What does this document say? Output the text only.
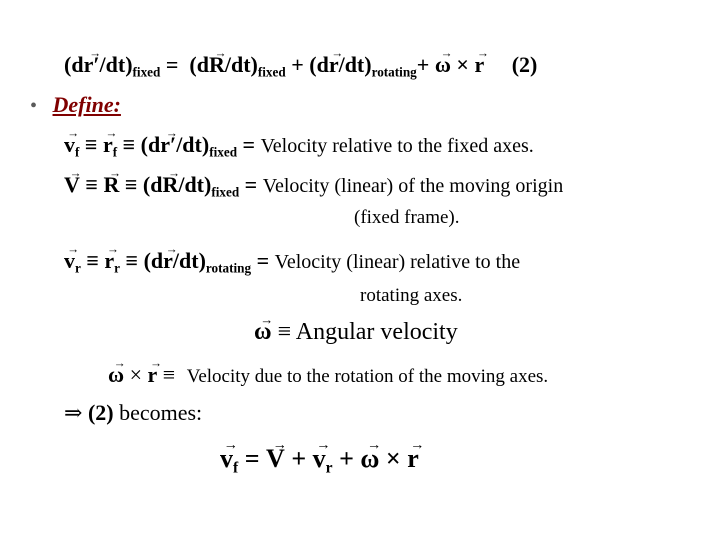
$(d\to r'/dt)_{fixed} = (d\to R/dt)_{fixed} + (d\to r/dt)_{rotating}+ \to \omega$ × → r (2)
• Define:
→ $v_f$ ≡ → $r_f \equiv (d\to r'/dt)_{fixed}$ = Velocity relative to the fixed axes.
→ V ≡ → $R \equiv (d\to R/dt)_{fixed}$ = Velocity (linear) of the moving origin
(fixed frame).
→ $v_r$ ≡ → $r_r \equiv (d\to r/dt)_{rotating}$ = Velocity (linear) relative to the
rotating axes.
→ ω ≡ Angular velocity
→ ω × → r ≡ Velocity due to the rotation of the moving axes.
⇒ (2) becomes:
→ $v_f$ = → V + → $v_r$ + → ω × → r
